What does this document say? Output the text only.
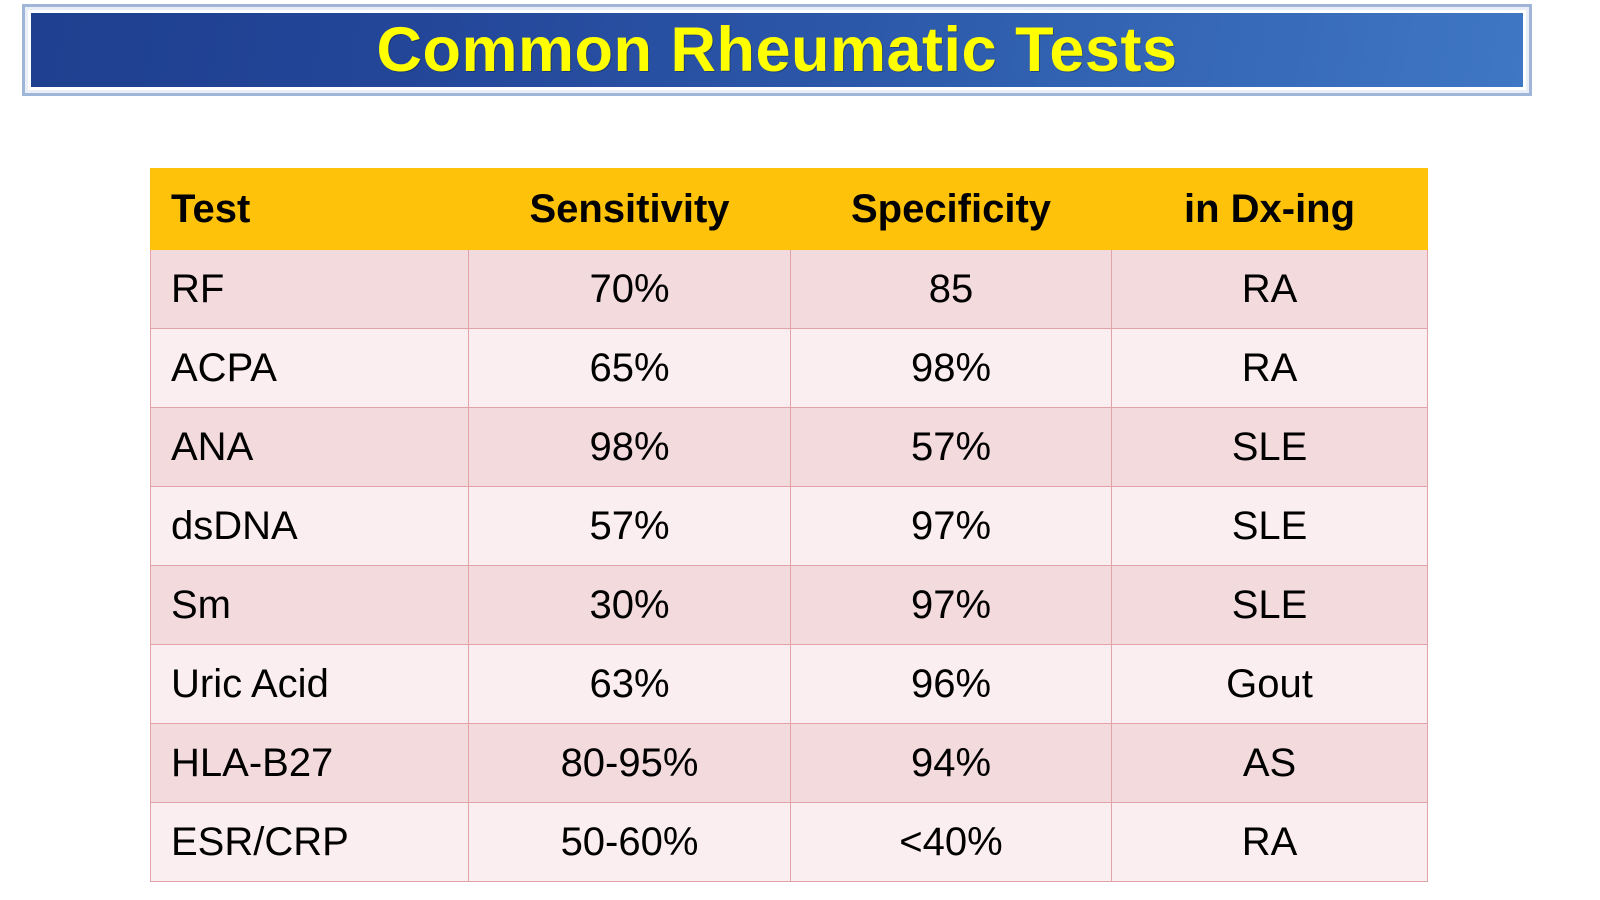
Common Rheumatic Tests
Test	Sensitivity	Specificity	in Dx-ing
RF	70%	85	RA
ACPA	65%	98%	RA
ANA	98%	57%	SLE
dsDNA	57%	97%	SLE
Sm	30%	97%	SLE
Uric Acid	63%	96%	Gout
HLA-B27	80-95%	94%	AS
ESR/CRP	50-60%	<40%	RA
